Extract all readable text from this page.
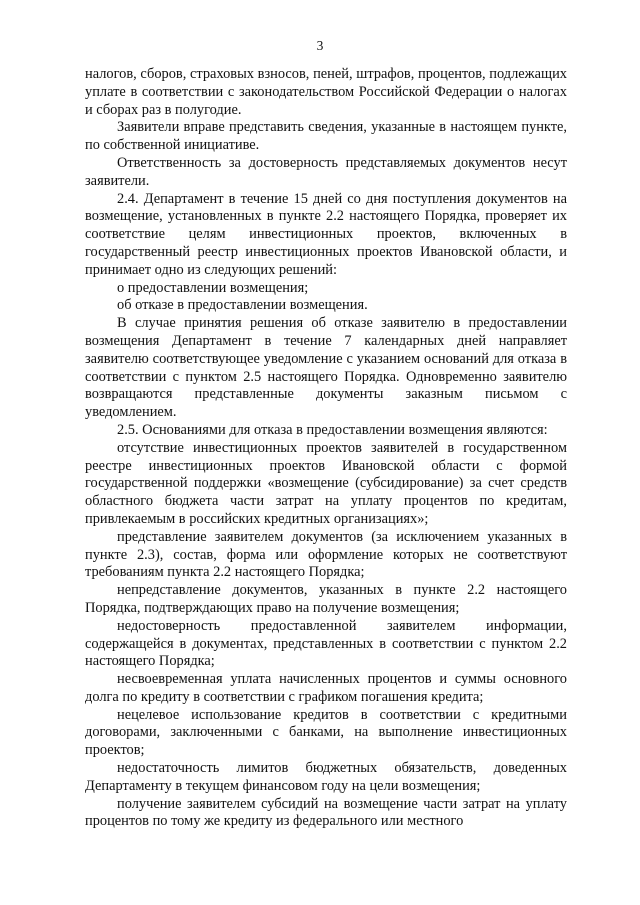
3

налогов, сборов, страховых взносов, пеней, штрафов, процентов, подлежащих уплате в соответствии с законодательством Российской Федерации о налогах и сборах раз в полугодие.

Заявители вправе представить сведения, указанные в настоящем пункте, по собственной инициативе.

Ответственность за достоверность представляемых документов несут заявители.

2.4. Департамент в течение 15 дней со дня поступления документов на возмещение, установленных в пункте 2.2 настоящего Порядка, проверяет их соответствие целям инвестиционных проектов, включенных в государственный реестр инвестиционных проектов Ивановской области, и принимает одно из следующих решений:

о предоставлении возмещения;

об отказе в предоставлении возмещения.

В случае принятия решения об отказе заявителю в предоставлении возмещения Департамент в течение 7 календарных дней направляет заявителю соответствующее уведомление с указанием оснований для отказа в соответствии с пунктом 2.5 настоящего Порядка. Одновременно заявителю возвращаются представленные документы заказным письмом с уведомлением.

2.5. Основаниями для отказа в предоставлении возмещения являются:

отсутствие инвестиционных проектов заявителей в государственном реестре инвестиционных проектов Ивановской области с формой государственной поддержки «возмещение (субсидирование) за счет средств областного бюджета части затрат на уплату процентов по кредитам, привлекаемым в российских кредитных организациях»;

представление заявителем документов (за исключением указанных в пункте 2.3), состав, форма или оформление которых не соответствуют требованиям пункта 2.2 настоящего Порядка;

непредставление документов, указанных в пункте 2.2 настоящего Порядка, подтверждающих право на получение возмещения;

недостоверность предоставленной заявителем информации, содержащейся в документах, представленных в соответствии с пунктом 2.2 настоящего Порядка;

несвоевременная уплата начисленных процентов и суммы основного долга по кредиту в соответствии с графиком погашения кредита;

нецелевое использование кредитов в соответствии с кредитными договорами, заключенными с банками, на выполнение инвестиционных проектов;

недостаточность лимитов бюджетных обязательств, доведенных Департаменту в текущем финансовом году на цели возмещения;

получение заявителем субсидий на возмещение части затрат на уплату процентов по тому же кредиту из федерального или местного
